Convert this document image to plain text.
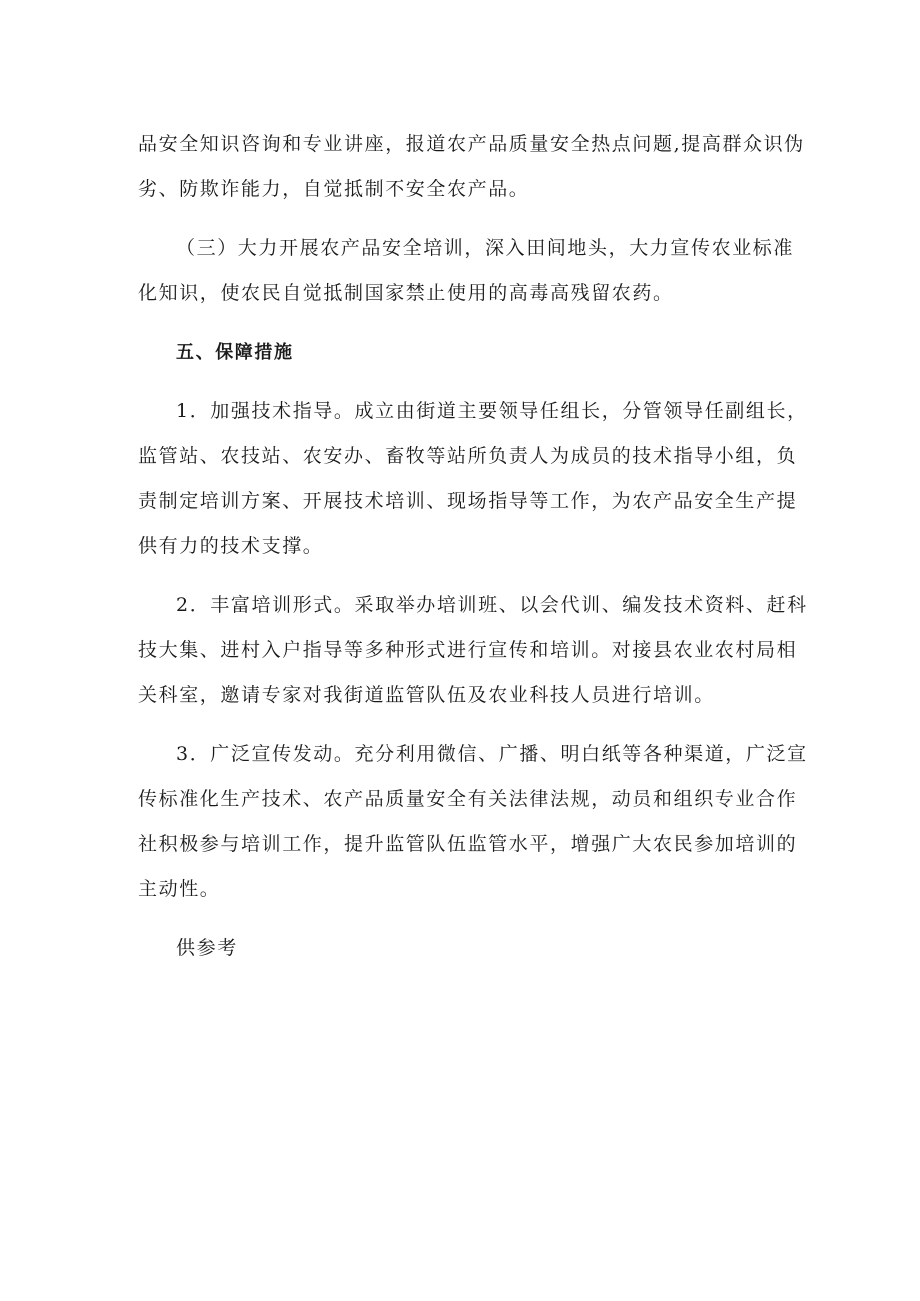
品安全知识咨询和专业讲座，报道农产品质量安全热点问题,提高群众识伪
劣、防欺诈能力，自觉抵制不安全农产品。
（三）大力开展农产品安全培训，深入田间地头，大力宣传农业标准
化知识，使农民自觉抵制国家禁止使用的高毒高残留农药。
五、保障措施
1．加强技术指导。成立由街道主要领导任组长，分管领导任副组长，
监管站、农技站、农安办、畜牧等站所负责人为成员的技术指导小组，负
责制定培训方案、开展技术培训、现场指导等工作，为农产品安全生产提
供有力的技术支撑。
2．丰富培训形式。采取举办培训班、以会代训、编发技术资料、赶科
技大集、进村入户指导等多种形式进行宣传和培训。对接县农业农村局相
关科室，邀请专家对我街道监管队伍及农业科技人员进行培训。
3．广泛宣传发动。充分利用微信、广播、明白纸等各种渠道，广泛宣
传标准化生产技术、农产品质量安全有关法律法规，动员和组织专业合作
社积极参与培训工作，提升监管队伍监管水平，增强广大农民参加培训的
主动性。
供参考
